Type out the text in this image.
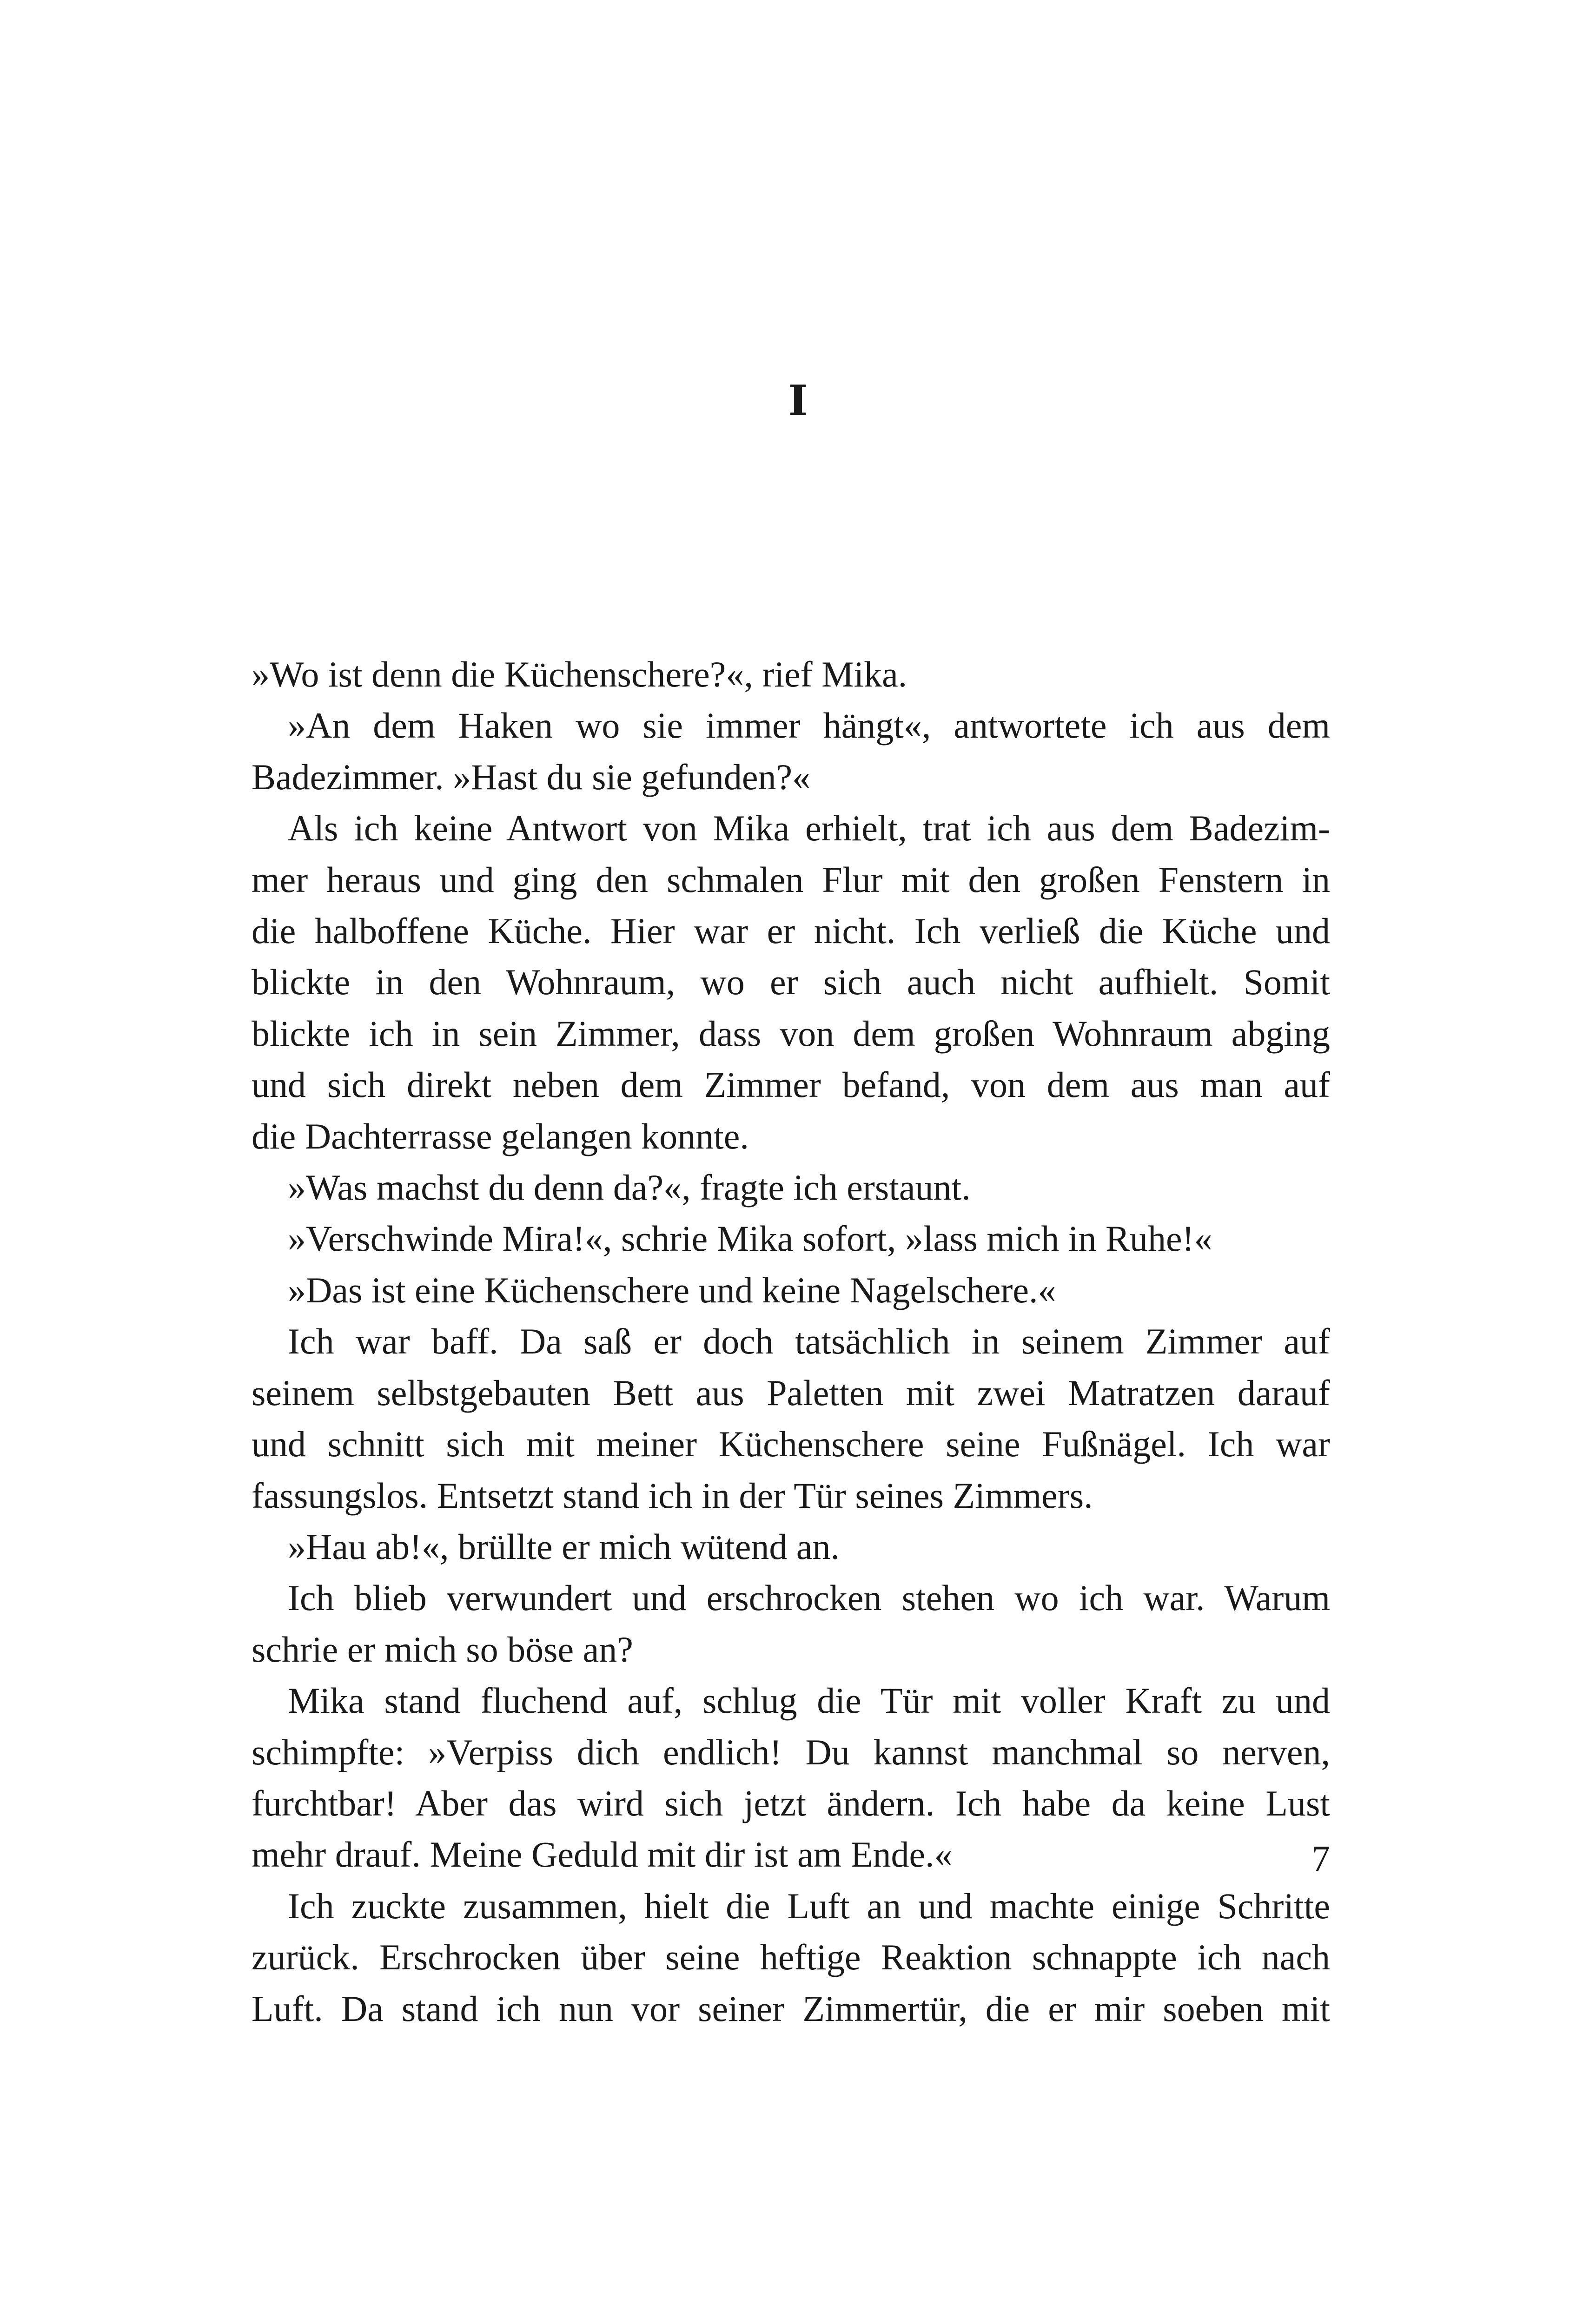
I

»Wo ist denn die Küchenschere?«, rief Mika.

»An dem Haken wo sie immer hängt«, antwortete ich aus dem
Badezimmer. »Hast du sie gefunden?«

Als ich keine Antwort von Mika erhielt, trat ich aus dem Badezim-
mer heraus und ging den schmalen Flur mit den großen Fenstern in
die halboffene Küche. Hier war er nicht. Ich verließ die Küche und
blickte in den Wohnraum, wo er sich auch nicht aufhielt. Somit
blickte ich in sein Zimmer, dass von dem großen Wohnraum abging
und sich direkt neben dem Zimmer befand, von dem aus man auf
die Dachterrasse gelangen konnte.

»Was machst du denn da?«, fragte ich erstaunt.

»Verschwinde Mira!«, schrie Mika sofort, »lass mich in Ruhe!«

»Das ist eine Küchenschere und keine Nagelschere.«

Ich war baff. Da saß er doch tatsächlich in seinem Zimmer auf
seinem selbstgebauten Bett aus Paletten mit zwei Matratzen darauf
und schnitt sich mit meiner Küchenschere seine Fußnägel. Ich war
fassungslos. Entsetzt stand ich in der Tür seines Zimmers.

»Hau ab!«, brüllte er mich wütend an.

Ich blieb verwundert und erschrocken stehen wo ich war. Warum
schrie er mich so böse an?

Mika stand fluchend auf, schlug die Tür mit voller Kraft zu und
schimpfte: »Verpiss dich endlich! Du kannst manchmal so nerven,
furchtbar! Aber das wird sich jetzt ändern. Ich habe da keine Lust
mehr drauf. Meine Geduld mit dir ist am Ende.«

Ich zuckte zusammen, hielt die Luft an und machte einige Schritte
zurück. Erschrocken über seine heftige Reaktion schnappte ich nach
Luft. Da stand ich nun vor seiner Zimmertür, die er mir soeben mit

7
